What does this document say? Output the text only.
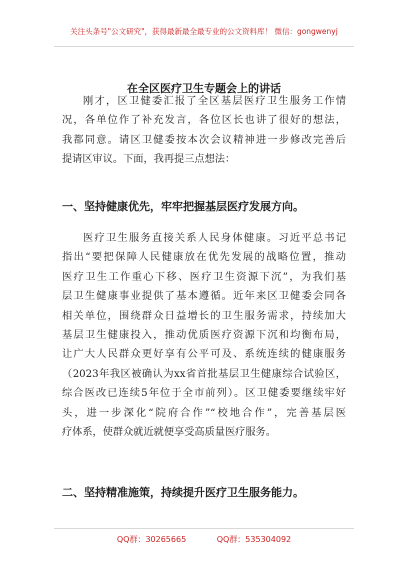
关注头条号"公文研究"，获得最新最全最专业的公文资料库！ 微信：gongwenyj
在全区医疗卫生专题会上的讲话

刚才，区卫健委汇报了全区基层医疗卫生服务工作情
况，各单位作了补充发言，各位区长也讲了很好的想法，
我都同意。请区卫健委按本次会议精神进一步修改完善后
提请区审议。下面，我再提三点想法：

一、坚持健康优先，牢牢把握基层医疗发展方向。

医疗卫生服务直接关系人民身体健康。习近平总书记
指出“要把保障人民健康放在优先发展的战略位置，推动
医疗卫生工作重心下移、医疗卫生资源下沉”，为我们基
层卫生健康事业提供了基本遵循。近年来区卫健委会同各
相关单位，围绕群众日益增长的卫生服务需求，持续加大
基层卫生健康投入，推动优质医疗资源下沉和均衡布局，
让广大人民群众更好享有公平可及、系统连续的健康服务
（2023年我区被确认为xx省首批基层卫生健康综合试验区，
综合医改已连续5年位于全市前列）。区卫健委要继续牢好
头，进一步深化“院府合作”“校地合作”，完善基层医
疗体系，使群众就近就便享受高质量医疗服务。

二、坚持精准施策，持续提升医疗卫生服务能力。
QQ群：30265665	QQ群：535304092
